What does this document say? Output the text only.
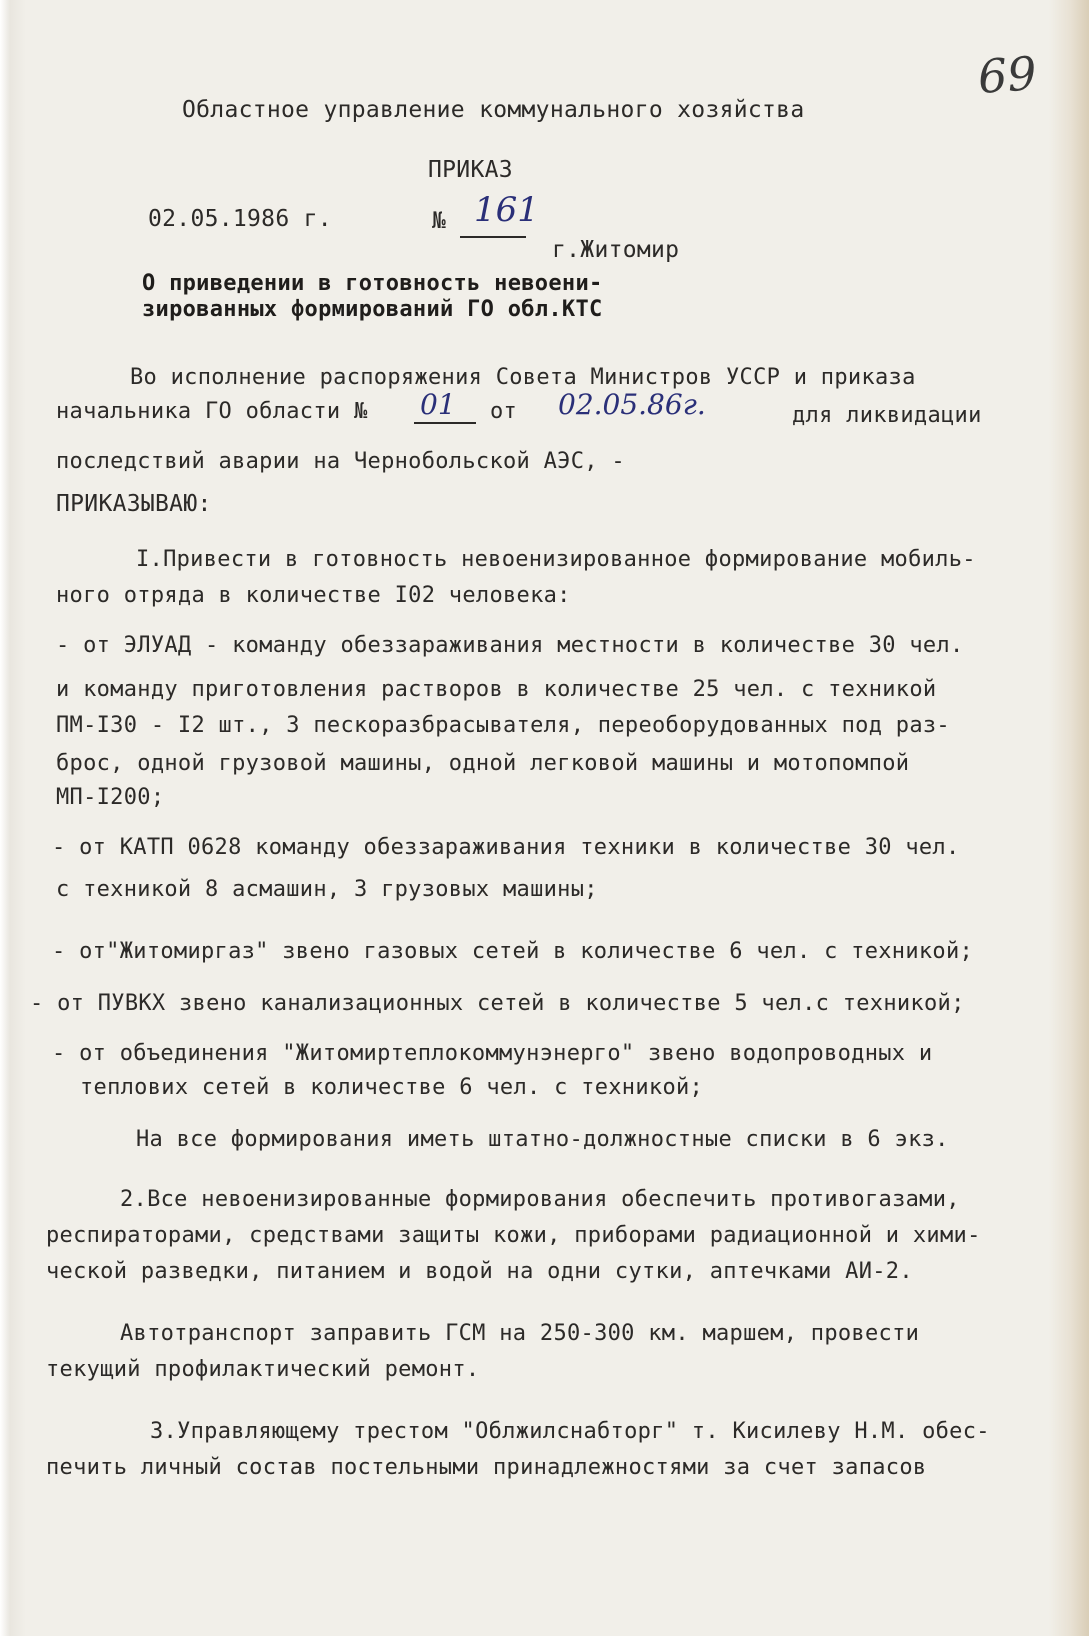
Областное управление коммунального хозяйства
69
ПРИКАЗ
02.05.1986 г.	№ 161
г.Житомир
О приведении в готовность невоени-
зированных формирований ГО обл.КТС
Во исполнение распоряжения Совета Министров УССР и приказа
начальника ГО области № 01 от 02.05.86г.	для ликвидации
последствий аварии на Чернобольской АЭС, -
ПРИКАЗЫВАЮ:
I.Привести в готовность невоенизированное формирование мобиль-
ного отряда в количестве I02 человека:
- от ЭЛУАД - команду обеззараживания местности в количестве 30 чел.
и команду приготовления растворов в количестве 25 чел. с техникой
ПМ-I30 - I2 шт., 3 пескоразбрасывателя, переоборудованных под раз-
брос, одной грузовой машины, одной легковой машины и мотопомпой
МП-I200;
- от КАТП 0628 команду обеззараживания техники в количестве 30 чел.
с техникой 8 асмашин, 3 грузовых машины;
- от"Житомиргаз" звено газовых сетей в количестве 6 чел. с техникой;
- от ПУВКХ звено канализационных сетей в количестве 5 чел.с техникой;
- от объединения "Житомиртеплокоммунэнерго" звено водопроводных и
теплових сетей в количестве 6 чел. с техникой;
На все формирования иметь штатно-должностные списки в 6 экз.
2.Все невоенизированные формирования обеспечить противогазами,
респираторами, средствами защиты кожи, приборами радиационной и хими-
ческой разведки, питанием и водой на одни сутки, аптечками АИ-2.
Автотранспорт заправить ГСМ на 250-300 км. маршем, провести
текущий профилактический ремонт.
3.Управляющему трестом "Облжилснабторг" т. Кисилеву Н.М. обес-
печить личный состав постельными принадлежностями за счет запасов
